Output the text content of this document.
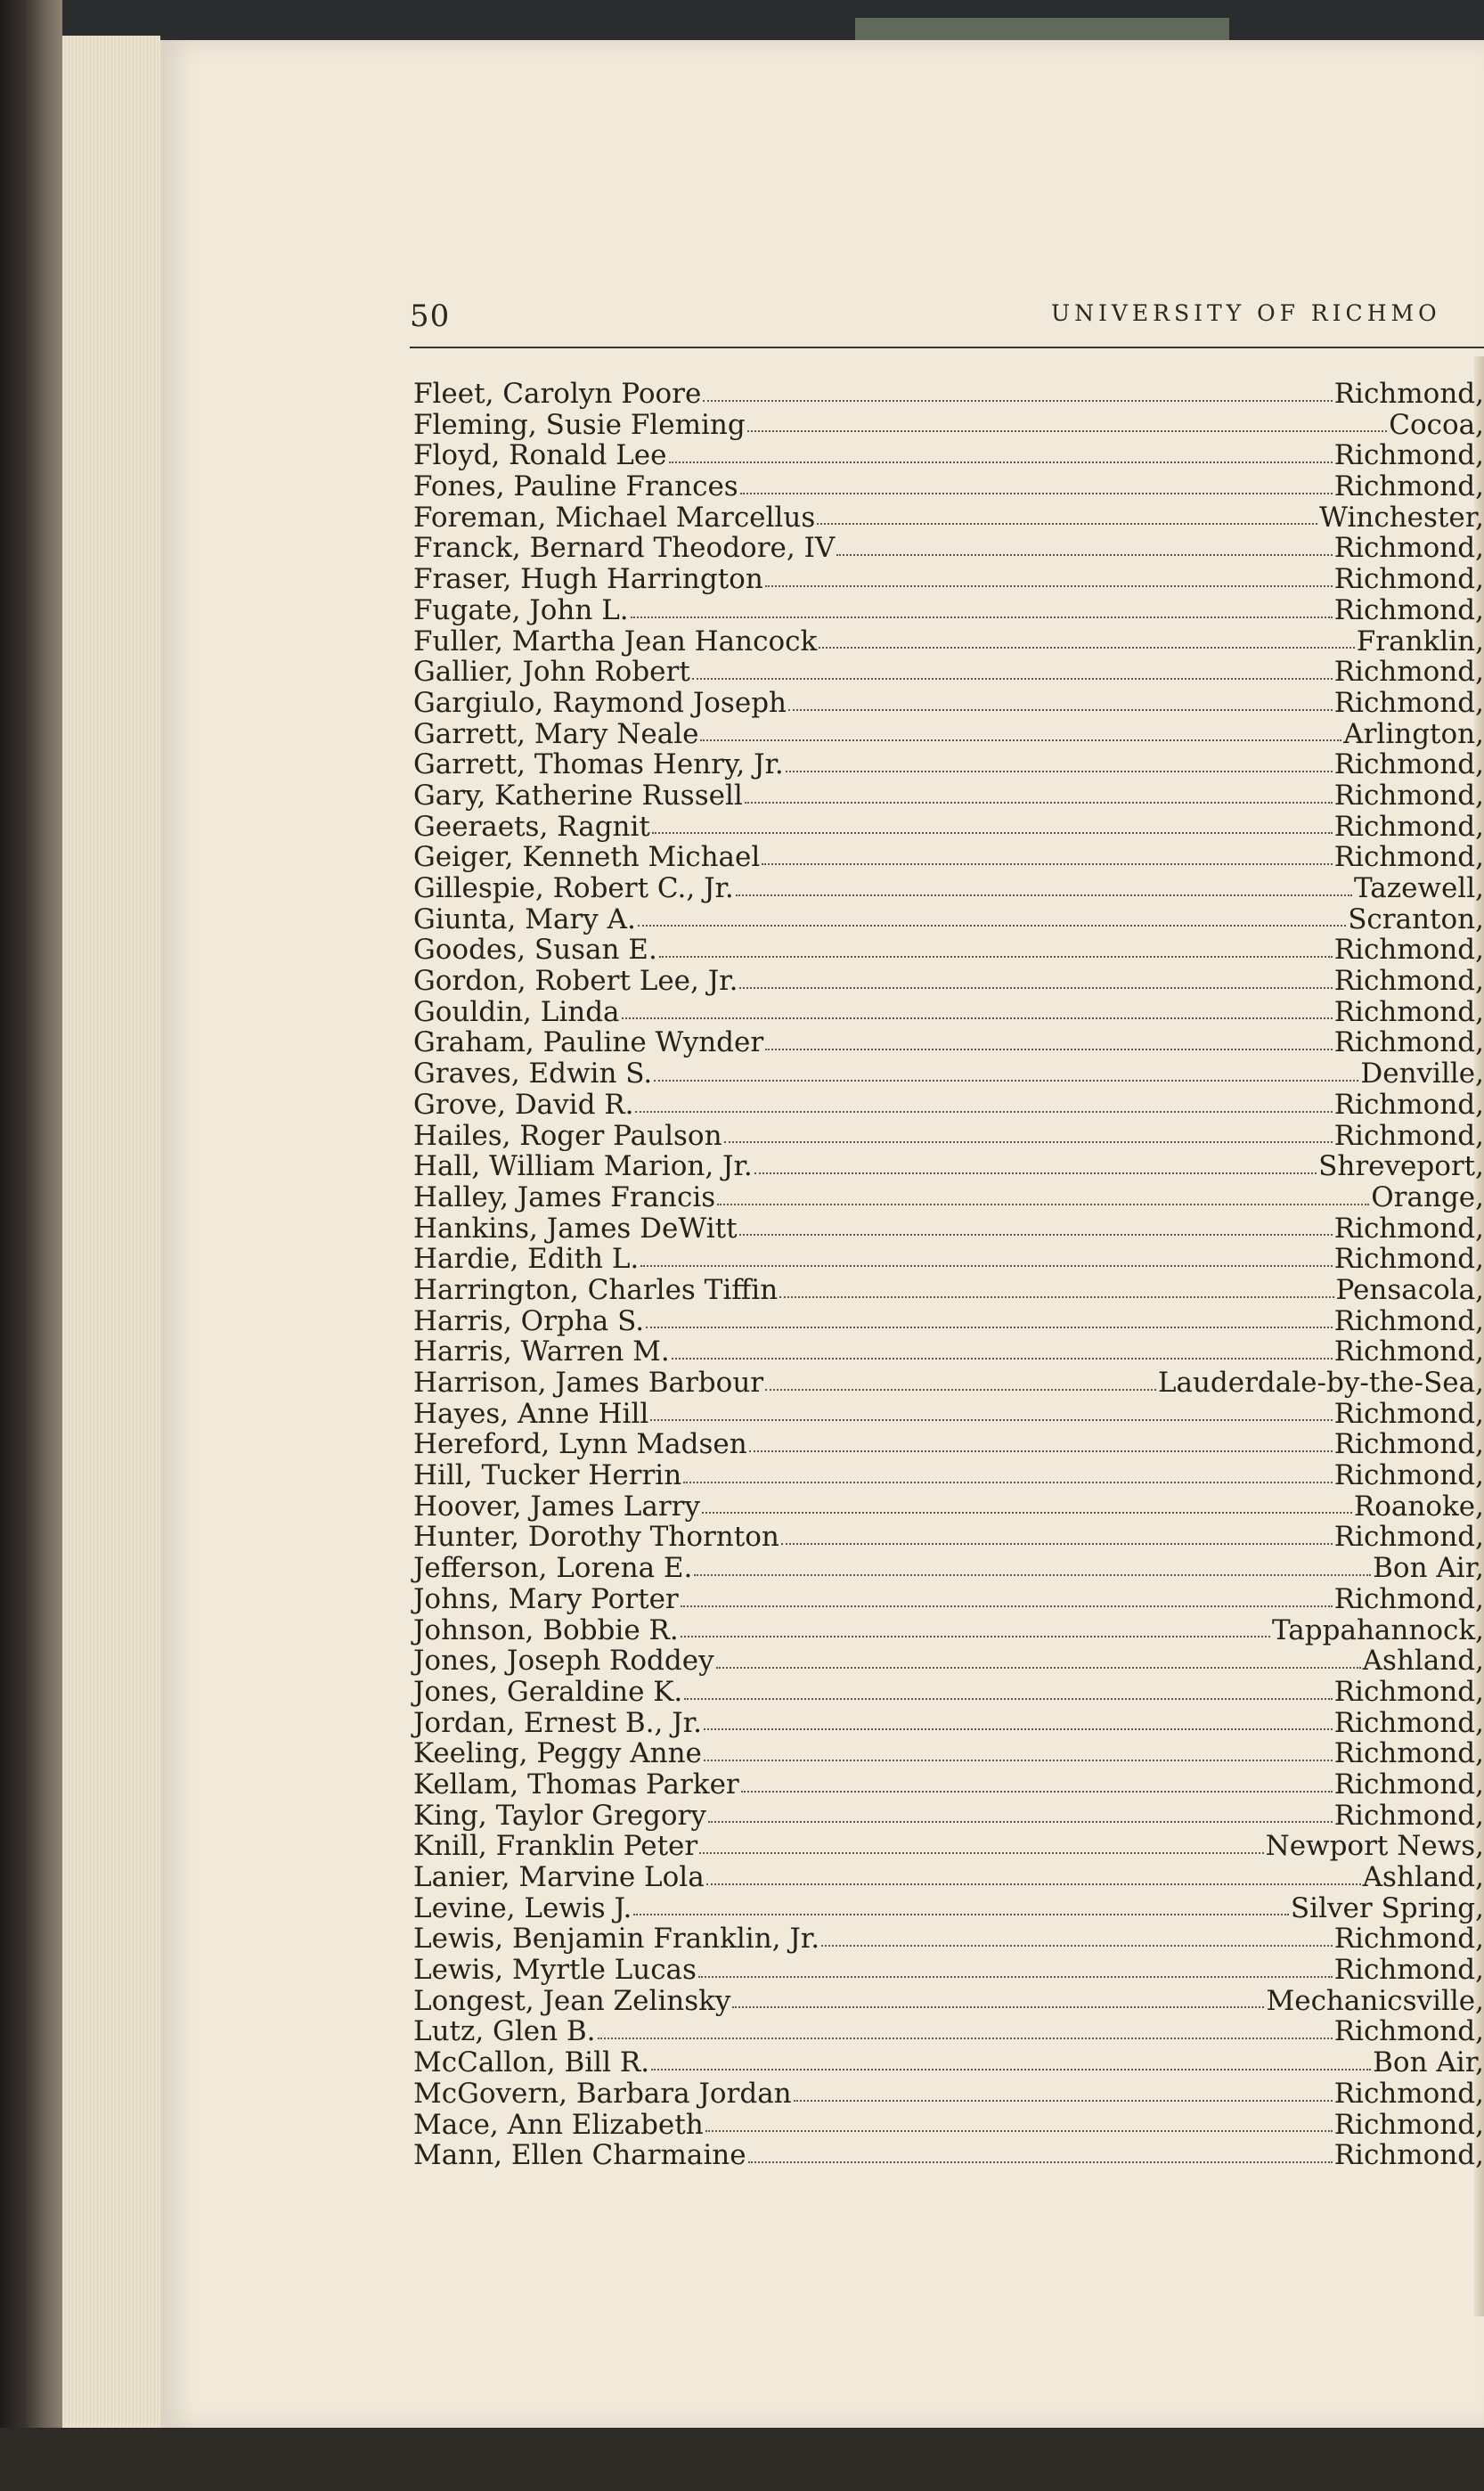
50	UNIVERSITY OF RICHMO
Fleet, Carolyn Poore	Richmond,
Fleming, Susie Fleming	Cocoa,
Floyd, Ronald Lee	Richmond,
Fones, Pauline Frances	Richmond,
Foreman, Michael Marcellus	Winchester,
Franck, Bernard Theodore, IV	Richmond,
Fraser, Hugh Harrington	Richmond,
Fugate, John L.	Richmond,
Fuller, Martha Jean Hancock	Franklin,
Gallier, John Robert	Richmond,
Gargiulo, Raymond Joseph	Richmond,
Garrett, Mary Neale	Arlington,
Garrett, Thomas Henry, Jr.	Richmond,
Gary, Katherine Russell	Richmond,
Geeraets, Ragnit	Richmond,
Geiger, Kenneth Michael	Richmond,
Gillespie, Robert C., Jr.	Tazewell,
Giunta, Mary A.	Scranton,
Goodes, Susan E.	Richmond,
Gordon, Robert Lee, Jr.	Richmond,
Gouldin, Linda	Richmond,
Graham, Pauline Wynder	Richmond,
Graves, Edwin S.	Denville,
Grove, David R.	Richmond,
Hailes, Roger Paulson	Richmond,
Hall, William Marion, Jr.	Shreveport,
Halley, James Francis	Orange,
Hankins, James DeWitt	Richmond,
Hardie, Edith L.	Richmond,
Harrington, Charles Tiffin	Pensacola,
Harris, Orpha S.	Richmond,
Harris, Warren M.	Richmond,
Harrison, James Barbour	Lauderdale-by-the-Sea,
Hayes, Anne Hill	Richmond,
Hereford, Lynn Madsen	Richmond,
Hill, Tucker Herrin	Richmond,
Hoover, James Larry	Roanoke,
Hunter, Dorothy Thornton	Richmond,
Jefferson, Lorena E.	Bon Air,
Johns, Mary Porter	Richmond,
Johnson, Bobbie R.	Tappahannock,
Jones, Joseph Roddey	Ashland,
Jones, Geraldine K.	Richmond,
Jordan, Ernest B., Jr.	Richmond,
Keeling, Peggy Anne	Richmond,
Kellam, Thomas Parker	Richmond,
King, Taylor Gregory	Richmond,
Knill, Franklin Peter	Newport News,
Lanier, Marvine Lola	Ashland,
Levine, Lewis J.	Silver Spring,
Lewis, Benjamin Franklin, Jr.	Richmond,
Lewis, Myrtle Lucas	Richmond,
Longest, Jean Zelinsky	Mechanicsville,
Lutz, Glen B.	Richmond,
McCallon, Bill R.	Bon Air,
McGovern, Barbara Jordan	Richmond,
Mace, Ann Elizabeth	Richmond,
Mann, Ellen Charmaine	Richmond,
